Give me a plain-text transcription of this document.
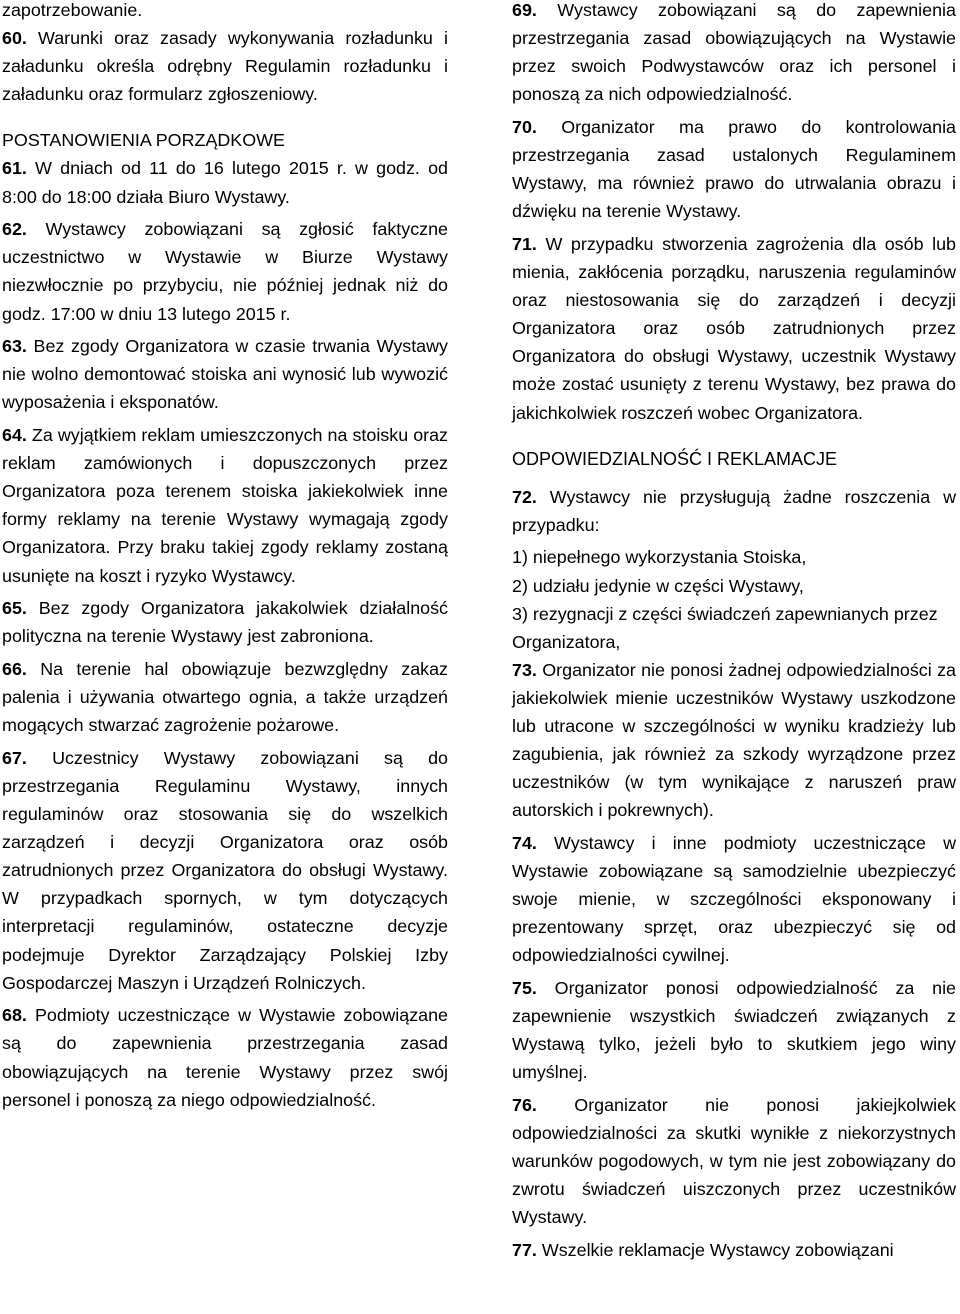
zapotrzebowanie.

60. Warunki oraz zasady wykonywania rozładunku i załadunku określa odrębny Regulamin rozładunku i załadunku oraz formularz zgłoszeniowy.

POSTANOWIENIA PORZĄDKOWE

61. W dniach od 11 do 16 lutego 2015 r. w godz. od 8:00 do 18:00 działa Biuro Wystawy.

62. Wystawcy zobowiązani są zgłosić faktyczne uczestnictwo w Wystawie w Biurze Wystawy niezwłocznie po przybyciu, nie później jednak niż do godz. 17:00 w dniu 13 lutego 2015 r.

63. Bez zgody Organizatora w czasie trwania Wystawy nie wolno demontować stoiska ani wynosić lub wywozić wyposażenia i eksponatów.

64. Za wyjątkiem reklam umieszczonych na stoisku oraz reklam zamówionych i dopuszczonych przez Organizatora poza terenem stoiska jakiekolwiek inne formy reklamy na terenie Wystawy wymagają zgody Organizatora. Przy braku takiej zgody reklamy zostaną usunięte na koszt i ryzyko Wystawcy.

65. Bez zgody Organizatora jakakolwiek działalność polityczna na terenie Wystawy jest zabroniona.

66. Na terenie hal obowiązuje bezwzględny zakaz palenia i używania otwartego ognia, a także urządzeń mogących stwarzać zagrożenie pożarowe.

67. Uczestnicy Wystawy zobowiązani są do przestrzegania Regulaminu Wystawy, innych regulaminów oraz stosowania się do wszelkich zarządzeń i decyzji Organizatora oraz osób zatrudnionych przez Organizatora do obsługi Wystawy. W przypadkach spornych, w tym dotyczących interpretacji regulaminów, ostateczne decyzje podejmuje Dyrektor Zarządzający Polskiej Izby Gospodarczej Maszyn i Urządzeń Rolniczych.

68. Podmioty uczestniczące w Wystawie zobowiązane są do zapewnienia przestrzegania zasad obowiązujących na terenie Wystawy przez swój personel i ponoszą za niego odpowiedzialność.

69. Wystawcy zobowiązani są do zapewnienia przestrzegania zasad obowiązujących na Wystawie przez swoich Podwystawców oraz ich personel i ponoszą za nich odpowiedzialność.

70. Organizator ma prawo do kontrolowania przestrzegania zasad ustalonych Regulaminem Wystawy, ma również prawo do utrwalania obrazu i dźwięku na terenie Wystawy.

71. W przypadku stworzenia zagrożenia dla osób lub mienia, zakłócenia porządku, naruszenia regulaminów oraz niestosowania się do zarządzeń i decyzji Organizatora oraz osób zatrudnionych przez Organizatora do obsługi Wystawy, uczestnik Wystawy może zostać usunięty z terenu Wystawy, bez prawa do jakichkolwiek roszczeń wobec Organizatora.

ODPOWIEDZIALNOŚĆ I REKLAMACJE

72. Wystawcy nie przysługują żadne roszczenia w przypadku:

1) niepełnego wykorzystania Stoiska,

2) udziału jedynie w części Wystawy,

3) rezygnacji z części świadczeń zapewnianych przez Organizatora,

73. Organizator nie ponosi żadnej odpowiedzialności za jakiekolwiek mienie uczestników Wystawy uszkodzone lub utracone w szczególności w wyniku kradzieży lub zagubienia, jak również za szkody wyrządzone przez uczestników (w tym wynikające z naruszeń praw autorskich i pokrewnych).

74. Wystawcy i inne podmioty uczestniczące w Wystawie zobowiązane są samodzielnie ubezpieczyć swoje mienie, w szczególności eksponowany i prezentowany sprzęt, oraz ubezpieczyć się od odpowiedzialności cywilnej.

75. Organizator ponosi odpowiedzialność za nie zapewnienie wszystkich świadczeń związanych z Wystawą tylko, jeżeli było to skutkiem jego winy umyślnej.

76. Organizator nie ponosi jakiejkolwiek odpowiedzialności za skutki wynikłe z niekorzystnych warunków pogodowych, w tym nie jest zobowiązany do zwrotu świadczeń uiszczonych przez uczestników Wystawy.

77. Wszelkie reklamacje Wystawcy zobowiązani
